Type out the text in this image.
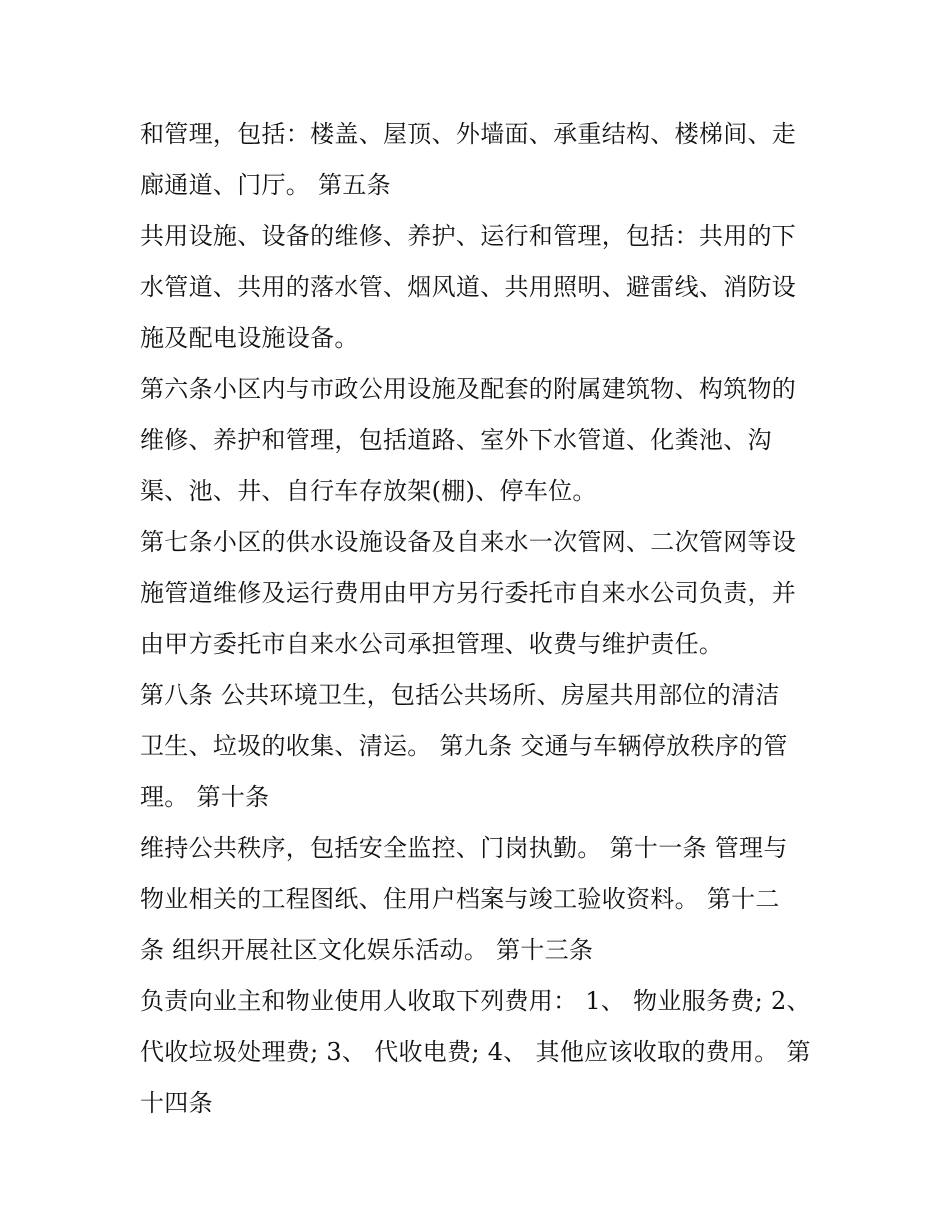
和管理，包括：楼盖、屋顶、外墙面、承重结构、楼梯间、走
廊通道、门厅。 第五条
共用设施、设备的维修、养护、运行和管理，包括：共用的下
水管道、共用的落水管、烟风道、共用照明、避雷线、消防设
施及配电设施设备。
第六条小区内与市政公用设施及配套的附属建筑物、构筑物的
维修、养护和管理，包括道路、室外下水管道、化粪池、沟
渠、池、井、自行车存放架(棚)、停车位。
第七条小区的供水设施设备及自来水一次管网、二次管网等设
施管道维修及运行费用由甲方另行委托市自来水公司负责，并
由甲方委托市自来水公司承担管理、收费与维护责任。
第八条 公共环境卫生，包括公共场所、房屋共用部位的清洁
卫生、垃圾的收集、清运。 第九条 交通与车辆停放秩序的管
理。 第十条
维持公共秩序，包括安全监控、门岗执勤。 第十一条 管理与
物业相关的工程图纸、住用户档案与竣工验收资料。 第十二
条 组织开展社区文化娱乐活动。 第十三条
负责向业主和物业使用人收取下列费用： 1、 物业服务费; 2、
代收垃圾处理费; 3、 代收电费; 4、 其他应该收取的费用。 第
十四条
